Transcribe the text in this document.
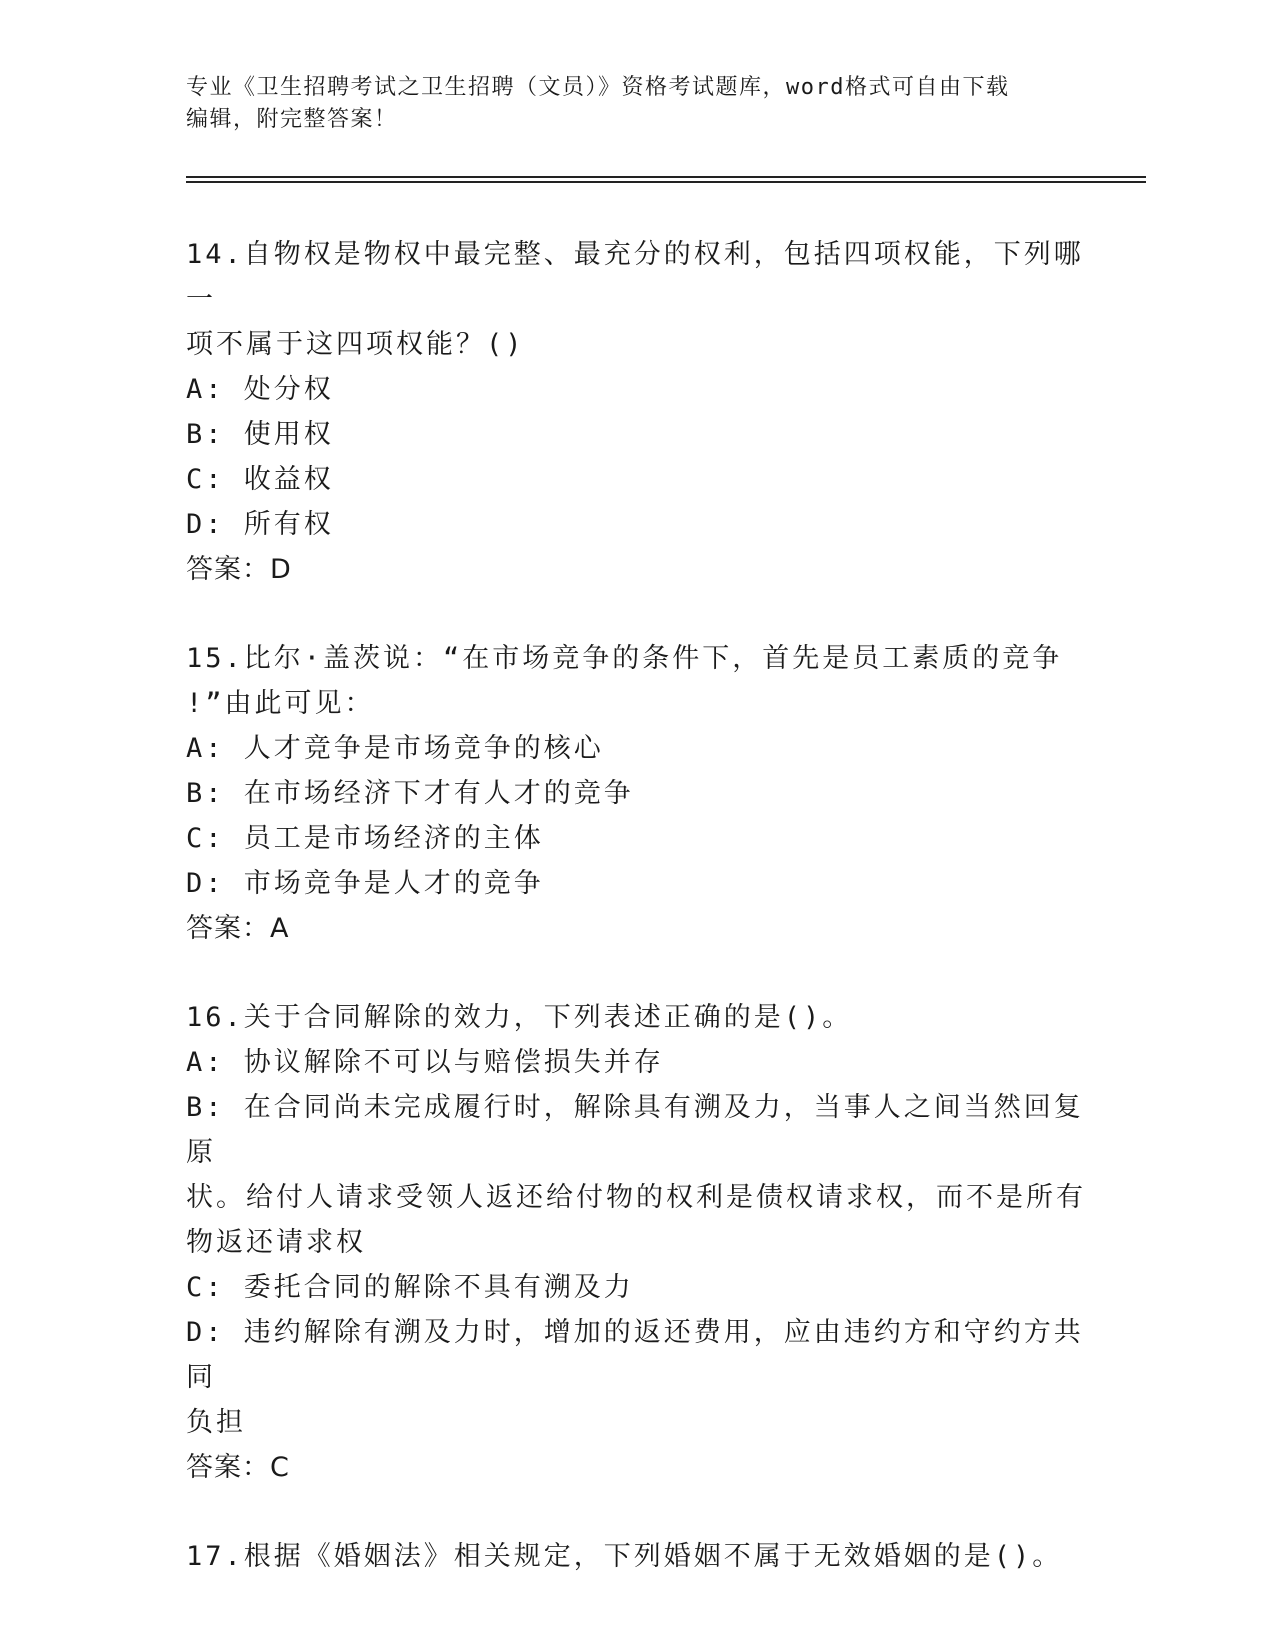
专业《卫生招聘考试之卫生招聘（文员）》资格考试题库，word格式可自由下载
编辑，附完整答案！
14.自物权是物权中最完整、最充分的权利，包括四项权能，下列哪一
项不属于这四项权能？()
A: 处分权
B: 使用权
C: 收益权
D: 所有权
答案：D
15.比尔·盖茨说：“在市场竞争的条件下，首先是员工素质的竞争
!”由此可见：
A: 人才竞争是市场竞争的核心
B: 在市场经济下才有人才的竞争
C: 员工是市场经济的主体
D: 市场竞争是人才的竞争
答案：A
16.关于合同解除的效力，下列表述正确的是()。
A: 协议解除不可以与赔偿损失并存
B: 在合同尚未完成履行时，解除具有溯及力，当事人之间当然回复原
状。给付人请求受领人返还给付物的权利是债权请求权，而不是所有
物返还请求权
C: 委托合同的解除不具有溯及力
D: 违约解除有溯及力时，增加的返还费用，应由违约方和守约方共同
负担
答案：C
17.根据《婚姻法》相关规定，下列婚姻不属于无效婚姻的是()。
